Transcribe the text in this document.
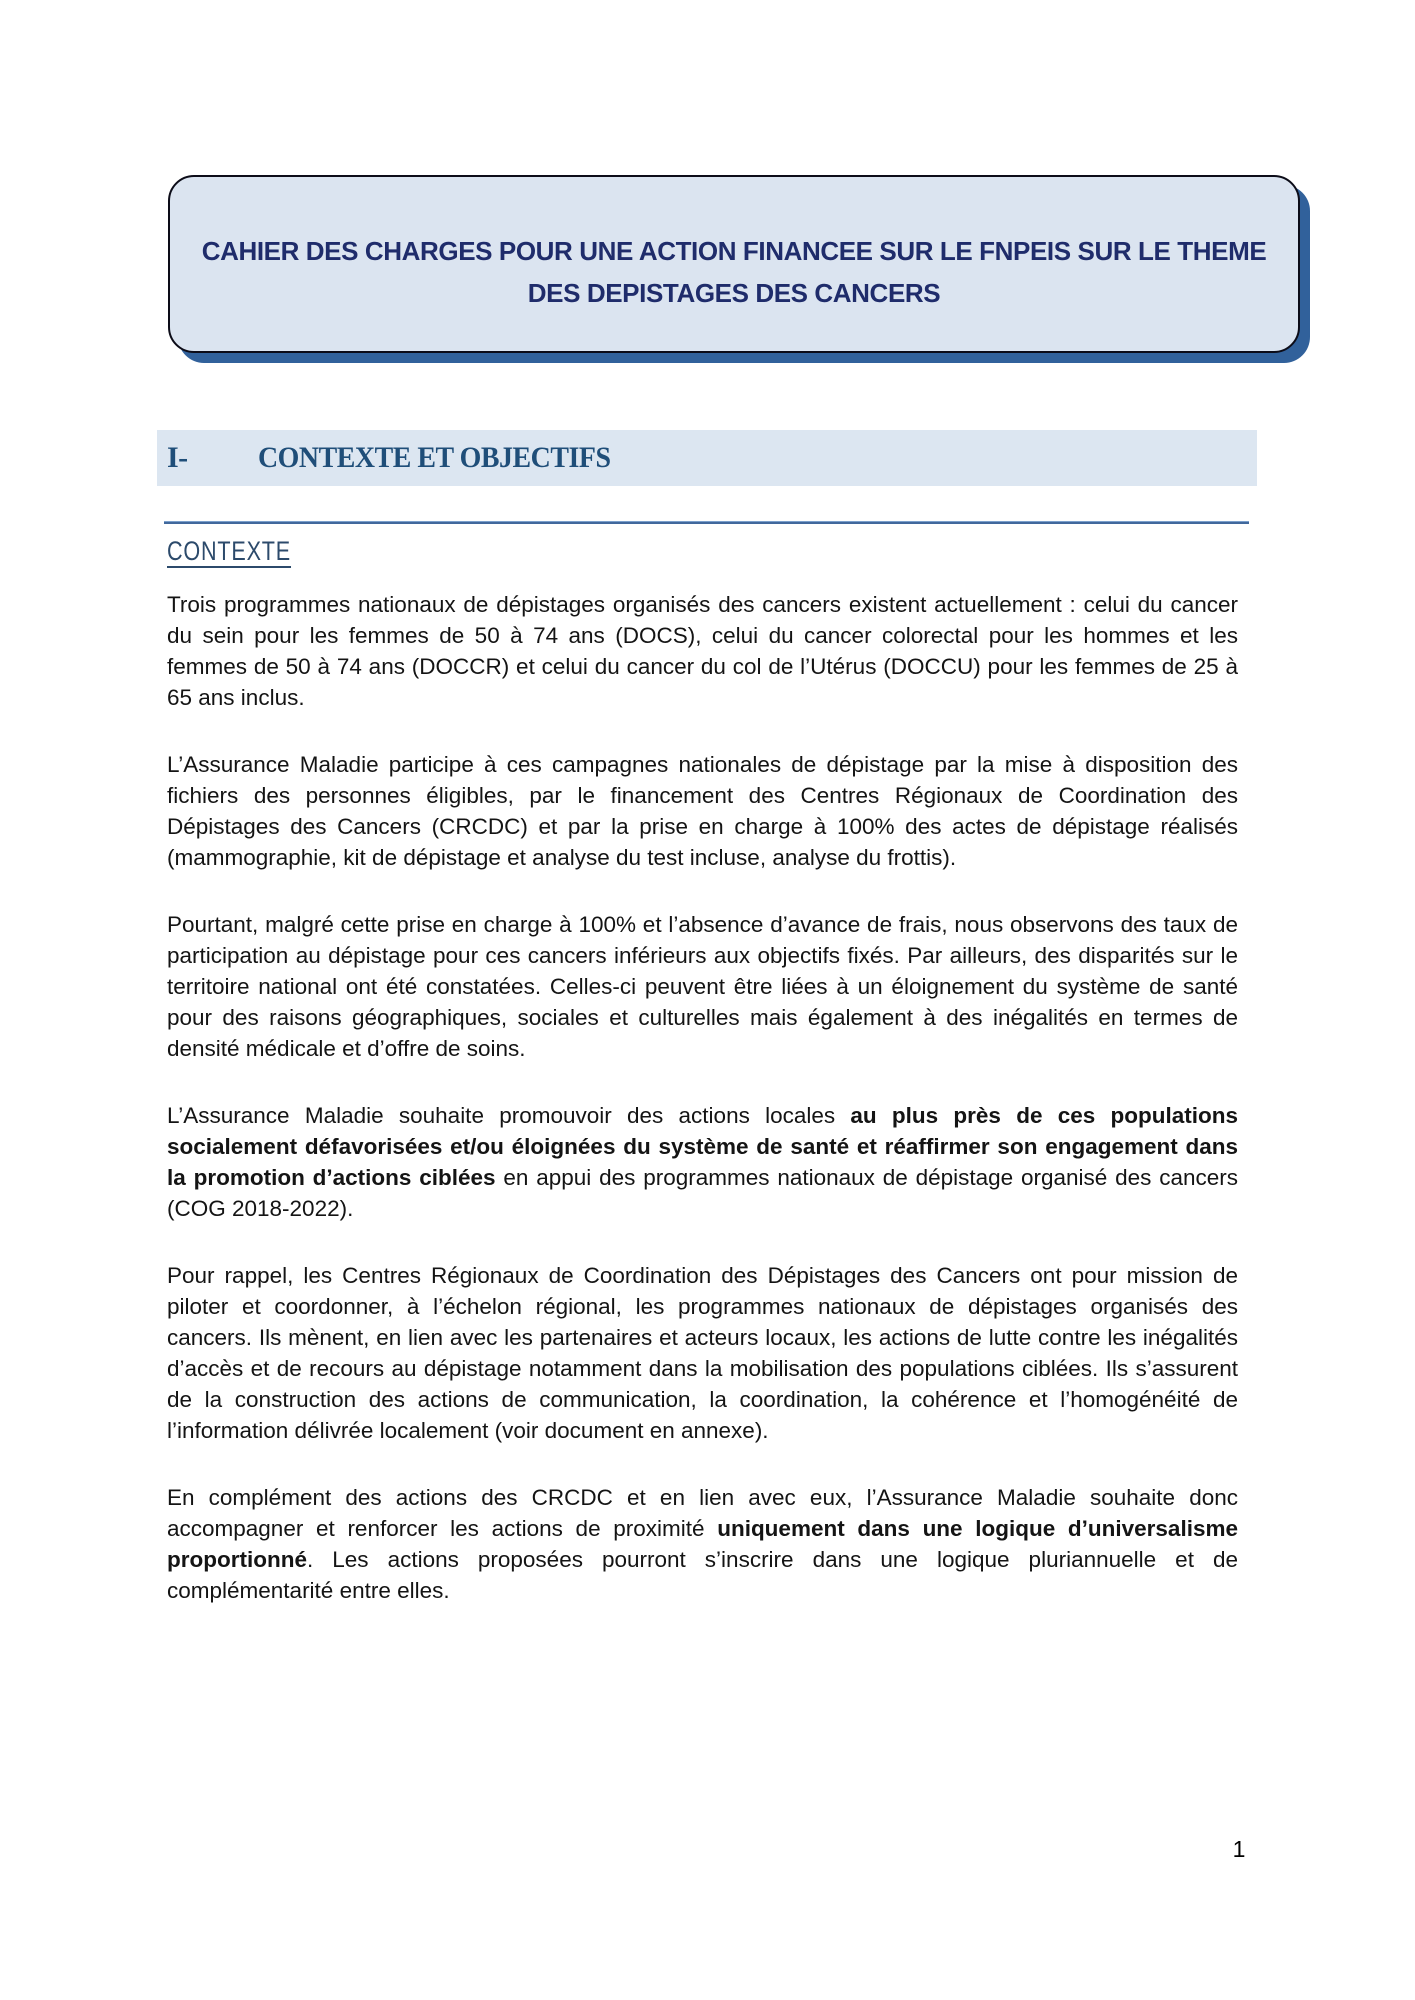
CAHIER DES CHARGES POUR UNE ACTION FINANCEE SUR LE FNPEIS SUR LE THEME
DES DEPISTAGES DES CANCERS
I- CONTEXTE ET OBJECTIFS
CONTEXTE

Trois programmes nationaux de dépistages organisés des cancers existent actuellement : celui du cancer du sein pour les femmes de 50 à 74 ans (DOCS), celui du cancer colorectal pour les hommes et les femmes de 50 à 74 ans (DOCCR) et celui du cancer du col de l’Utérus (DOCCU) pour les femmes de 25 à 65 ans inclus.

L’Assurance Maladie participe à ces campagnes nationales de dépistage par la mise à disposition des fichiers des personnes éligibles, par le financement des Centres Régionaux de Coordination des Dépistages des Cancers (CRCDC) et par la prise en charge à 100% des actes de dépistage réalisés (mammographie, kit de dépistage et analyse du test incluse, analyse du frottis).

Pourtant, malgré cette prise en charge à 100% et l’absence d’avance de frais, nous observons des taux de participation au dépistage pour ces cancers inférieurs aux objectifs fixés. Par ailleurs, des disparités sur le territoire national ont été constatées. Celles-ci peuvent être liées à un éloignement du système de santé pour des raisons géographiques, sociales et culturelles mais également à des inégalités en termes de densité médicale et d’offre de soins.

L’Assurance Maladie souhaite promouvoir des actions locales au plus près de ces populations socialement défavorisées et/ou éloignées du système de santé et réaffirmer son engagement dans la promotion d’actions ciblées en appui des programmes nationaux de dépistage organisé des cancers (COG 2018-2022).

Pour rappel, les Centres Régionaux de Coordination des Dépistages des Cancers ont pour mission de piloter et coordonner, à l’échelon régional, les programmes nationaux de dépistages organisés des cancers. Ils mènent, en lien avec les partenaires et acteurs locaux, les actions de lutte contre les inégalités d’accès et de recours au dépistage notamment dans la mobilisation des populations ciblées. Ils s’assurent de la construction des actions de communication, la coordination, la cohérence et l’homogénéité de l’information délivrée localement (voir document en annexe).

En complément des actions des CRCDC et en lien avec eux, l’Assurance Maladie souhaite donc accompagner et renforcer les actions de proximité uniquement dans une logique d’universalisme proportionné. Les actions proposées pourront s’inscrire dans une logique pluriannuelle et de complémentarité entre elles.

1
